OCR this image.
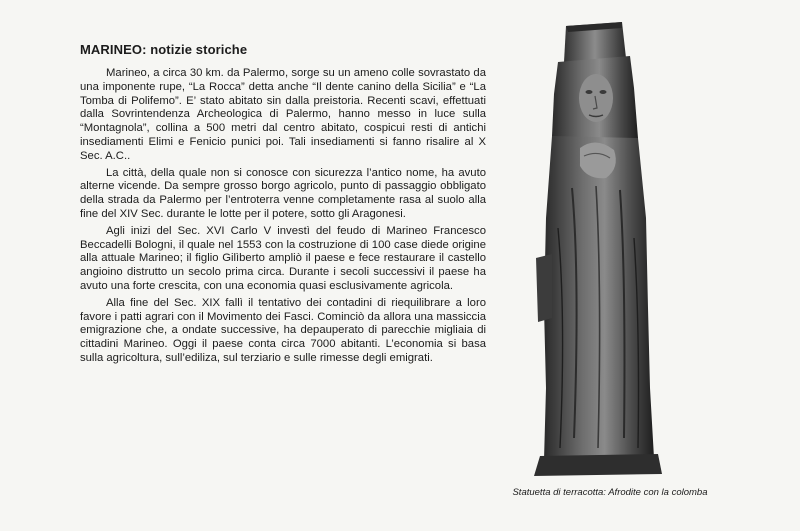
MARINEO: notizie storiche

Marineo, a circa 30 km. da Palermo, sorge su un ameno colle sovrastato da una imponente rupe, “La Rocca” detta anche “Il dente canino della Sicilia” e “La Tomba di Polifemo”. E’ stato abitato sin dalla preistoria. Recenti scavi, effettuati dalla Sovrintendenza Archeologica di Palermo, hanno messo in luce sulla “Montagnola”, collina a 500 metri dal centro abitato, cospicui resti di antichi insediamenti Elimi e Fenicio punici poi. Tali insediamenti si fanno risalire al X Sec. A.C..

La città, della quale non si conosce con sicurezza l’antico nome, ha avuto alterne vicende. Da sempre grosso borgo agricolo, punto di passaggio obbligato della strada da Palermo per l’entroterra venne completamente rasa al suolo alla fine del XIV Sec. durante le lotte per il potere, sotto gli Aragonesi.

Agli inizi del Sec. XVI Carlo V investì del feudo di Marineo Francesco Beccadelli Bologni, il quale nel 1553 con la costruzione di 100 case diede origine alla attuale Marineo; il figlio Gilìberto ampliò il paese e fece restaurare il castello angioino distrutto un secolo prima circa. Durante i secoli successivi il paese ha avuto una forte crescita, con una economia quasi esclusivamente agricola.

Alla fine del Sec. XIX fallì il tentativo dei contadini di riequilibrare a loro favore i patti agrari con il Movimento dei Fasci. Cominciò da allora una massiccia emigrazione che, a ondate successive, ha depauperato di parecchie migliaia di cittadini Marineo. Oggi il paese conta circa 7000 abitanti. L’economia si basa sulla agricoltura, sull’ediliza, sul terziario e sulle rimesse degli emigrati.

Statuetta di terracotta: Afrodite con la colomba
